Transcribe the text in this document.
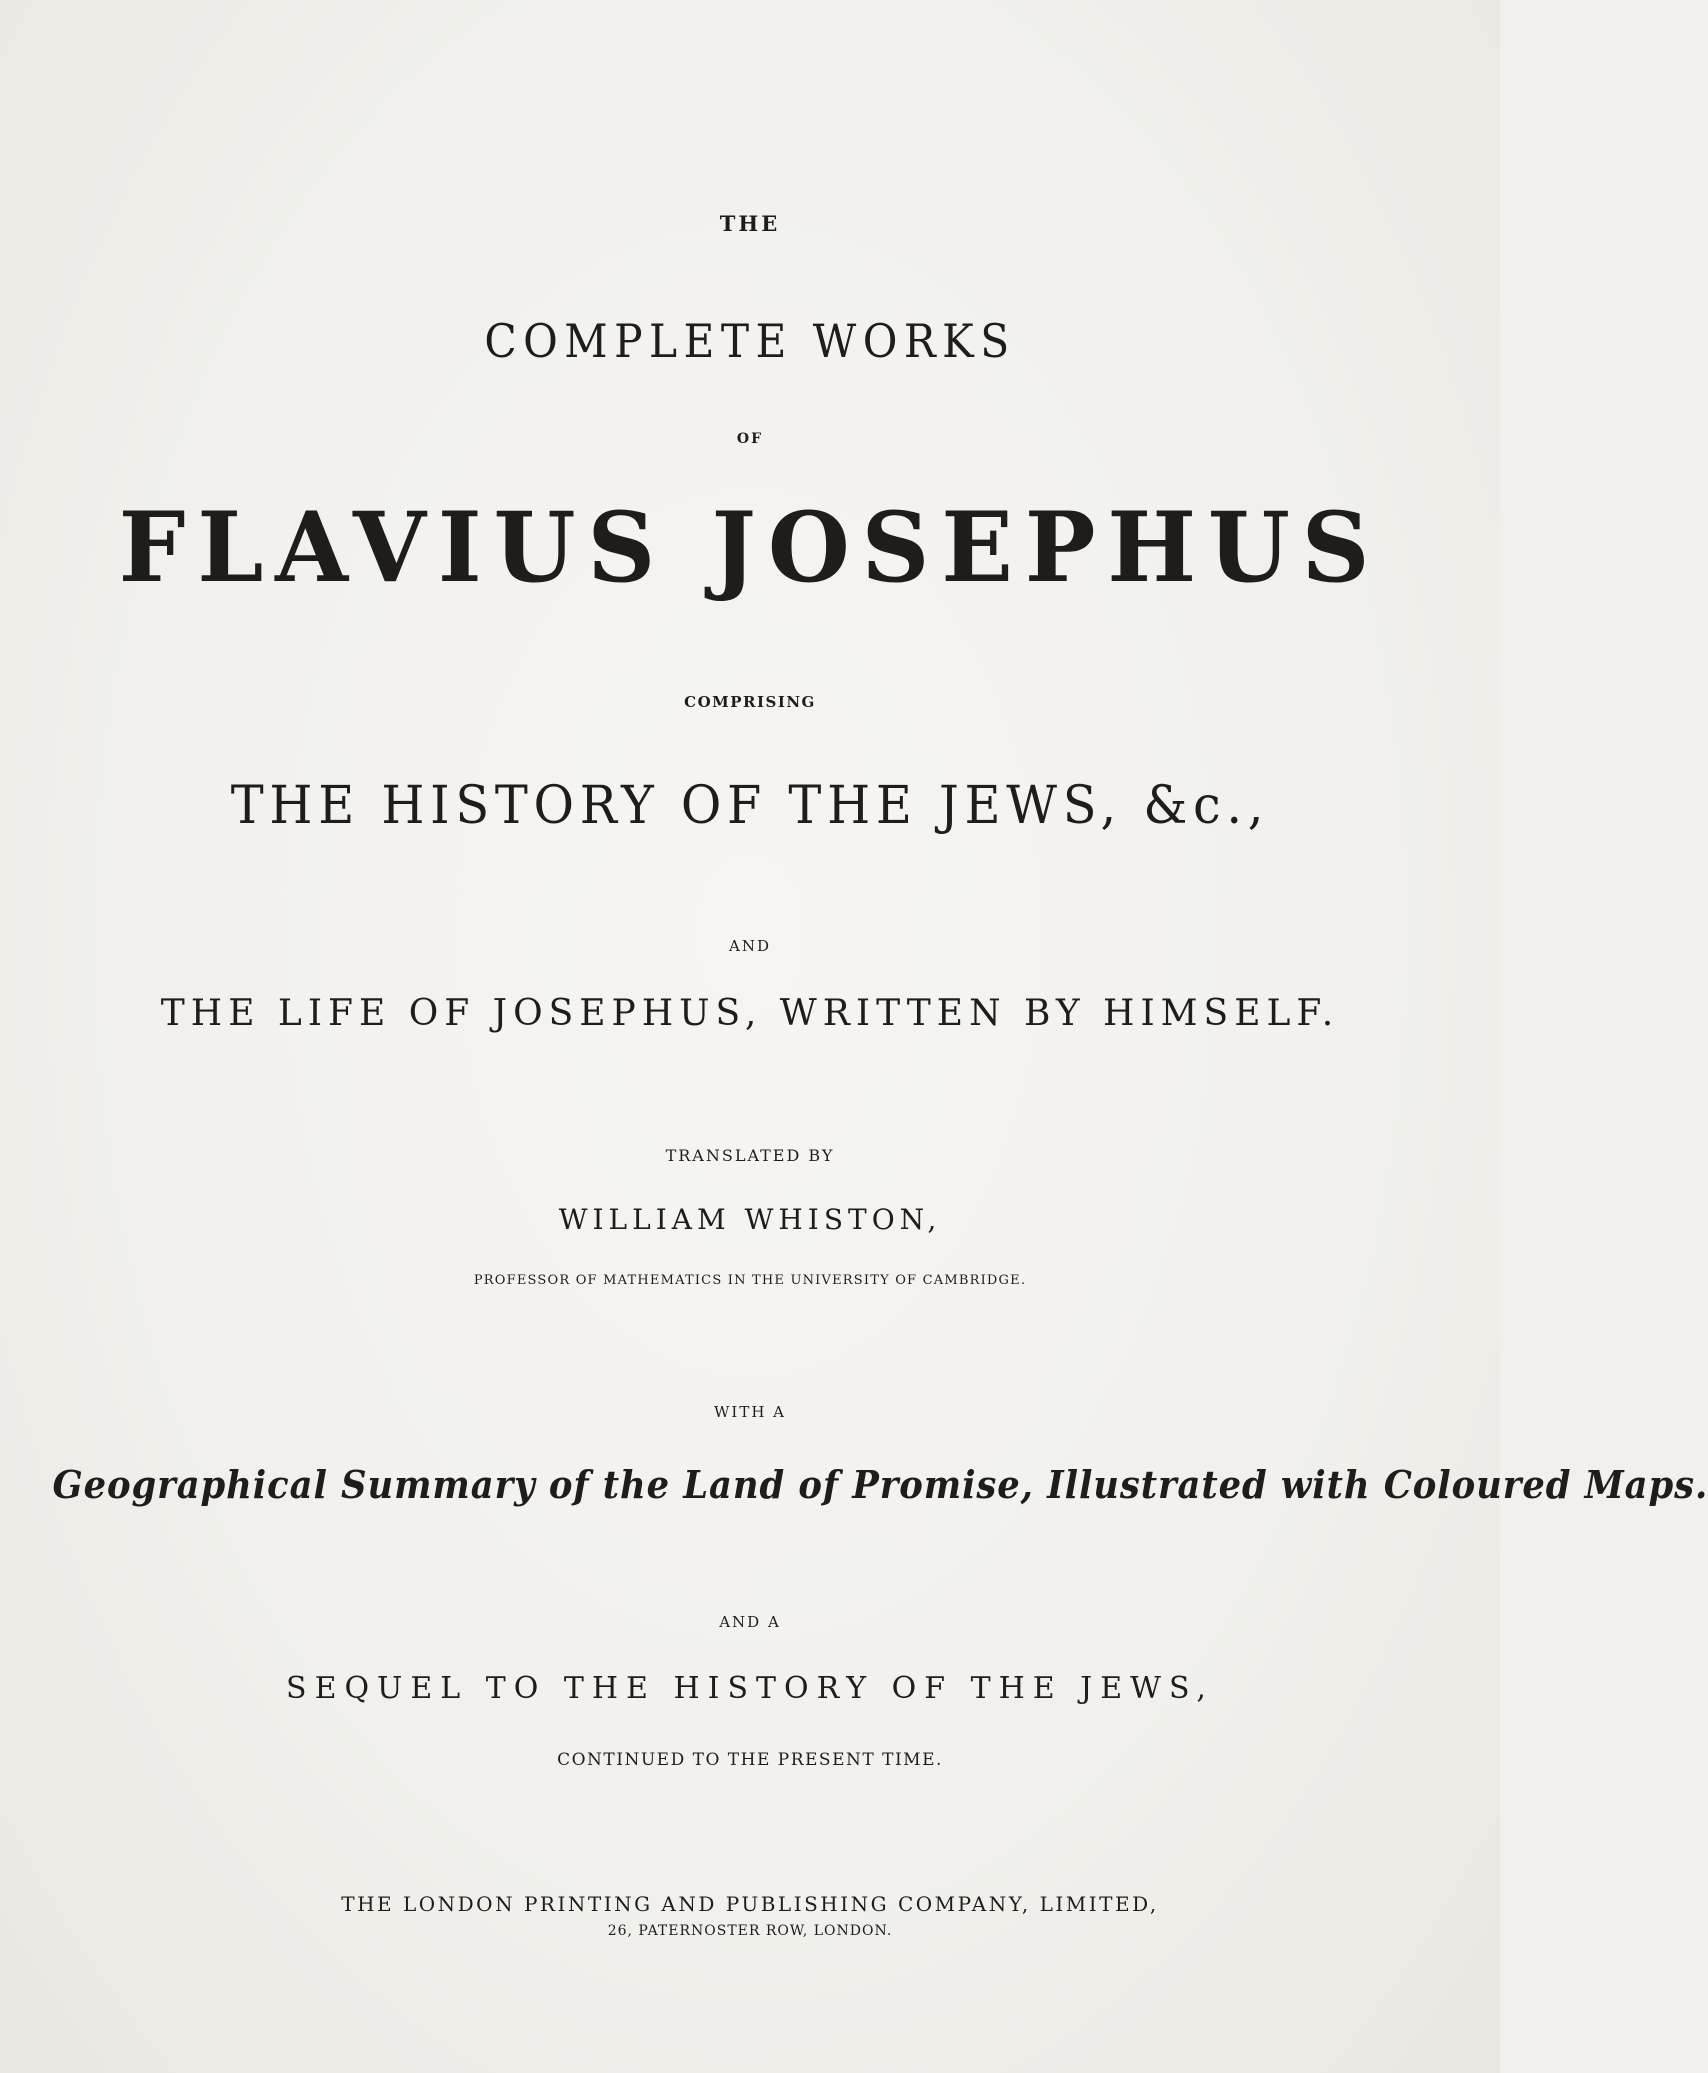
THE
COMPLETE WORKS
OF
FLAVIUS JOSEPHUS
COMPRISING
THE HISTORY OF THE JEWS, &c.,
AND
THE LIFE OF JOSEPHUS, WRITTEN BY HIMSELF.
TRANSLATED BY
WILLIAM WHISTON,
PROFESSOR OF MATHEMATICS IN THE UNIVERSITY OF CAMBRIDGE.
WITH A
Geographical Summary of the Land of Promise, Illustrated with Coloured Maps.
AND A
SEQUEL TO THE HISTORY OF THE JEWS,
CONTINUED TO THE PRESENT TIME.
THE LONDON PRINTING AND PUBLISHING COMPANY, LIMITED,
26, PATERNOSTER ROW, LONDON.
